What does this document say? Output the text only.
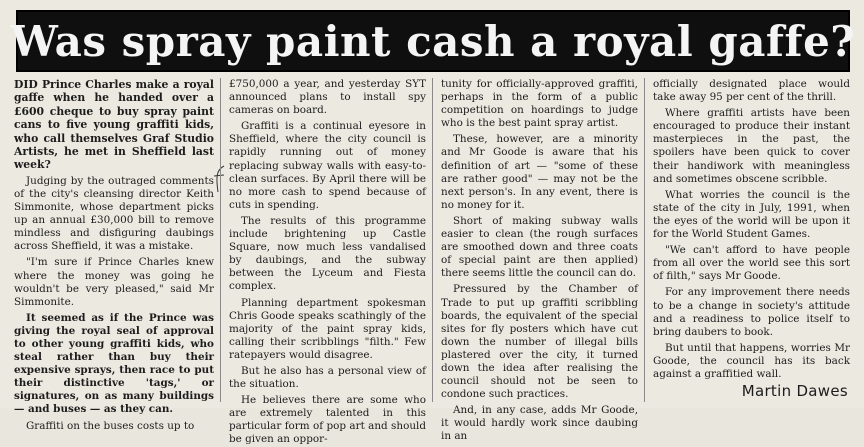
Was spray paint cash a royal gaffe?

DID Prince Charles make a royal gaffe when he handed over a £600 cheque to buy spray paint cans to five young graffiti kids, who call themselves Graf Studio Artists, he met in Sheffield last week?

Judging by the outraged comments of the city's cleansing director Keith Simmonite, whose department picks up an annual £30,000 bill to remove mindless and disfiguring daubings across Sheffield, it was a mistake.

"I'm sure if Prince Charles knew where the money was going he wouldn't be very pleased," said Mr Simmonite.

It seemed as if the Prince was giving the royal seal of approval to other young graffiti kids, who steal rather than buy their expensive sprays, then race to put their distinctive 'tags,' or signatures, on as many buildings — and buses — as they can.

Graffiti on the buses costs up to

£750,000 a year, and yesterday SYT announced plans to install spy cameras on board.

Graffiti is a continual eyesore in Sheffield, where the city council is rapidly running out of money replacing subway walls with easy-to-clean surfaces. By April there will be no more cash to spend because of cuts in spending.

The results of this programme include brightening up Castle Square, now much less vandalised by daubings, and the subway between the Lyceum and Fiesta complex.

Planning department spokesman Chris Goode speaks scathingly of the majority of the paint spray kids, calling their scribblings "filth." Few ratepayers would disagree.

But he also has a personal view of the situation.

He believes there are some who are extremely talented in this particular form of pop art and should be given an oppor-

tunity for officially-approved graffiti, perhaps in the form of a public competition on hoardings to judge who is the best paint spray artist.

These, however, are a minority and Mr Goode is aware that his definition of art — "some of these are rather good" — may not be the next person's. In any event, there is no money for it.

Short of making subway walls easier to clean (the rough surfaces are smoothed down and three coats of special paint are then applied) there seems little the council can do.

Pressured by the Chamber of Trade to put up graffiti scribbling boards, the equivalent of the special sites for fly posters which have cut down the number of illegal bills plastered over the city, it turned down the idea after realising the council should not be seen to condone such practices.

And, in any case, adds Mr Goode, it would hardly work since daubing in an

officially designated place would take away 95 per cent of the thrill.

Where graffiti artists have been encouraged to produce their instant masterpieces in the past, the spoilers have been quick to cover their handiwork with meaningless and sometimes obscene scribble.

What worries the council is the state of the city in July, 1991, when the eyes of the world will be upon it for the World Student Games.

"We can't afford to have people from all over the world see this sort of filth," says Mr Goode.

For any improvement there needs to be a change in society's attitude and a readiness to police itself to bring daubers to book.

But until that happens, worries Mr Goode, the council has its back against a graffitied wall.

Martin Dawes
